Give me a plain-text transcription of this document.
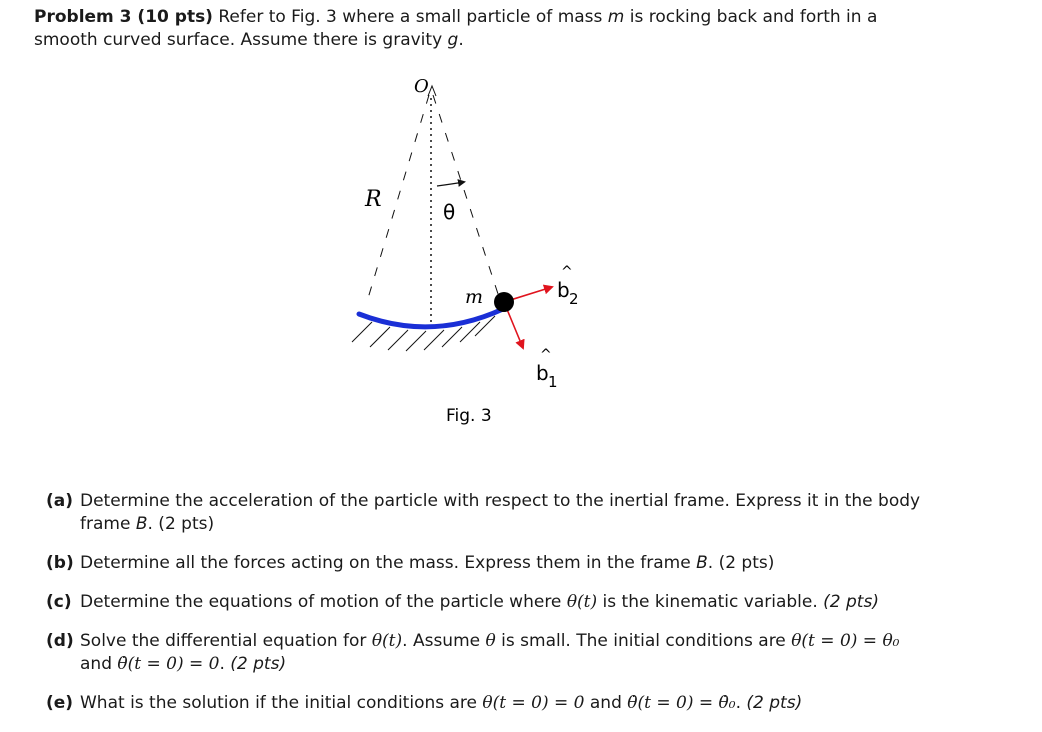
Problem 3 (10 pts) Refer to Fig. 3 where a small particle of mass m is rocking back and forth in a smooth curved surface. Assume there is gravity g.
O
R	θ
m
^
b 2
^
b 1
Fig. 3
(a) Determine the acceleration of the particle with respect to the inertial frame. Express it in the body frame B. (2 pts)
(b) Determine all the forces acting on the mass. Express them in the frame B. (2 pts)
(c) Determine the equations of motion of the particle where θ(t) is the kinematic variable. (2 pts)
(d) Solve the differential equation for θ(t). Assume θ is small. The initial conditions are θ(t = 0) = θ₀ and θ̇(t = 0) = 0. (2 pts)
(e) What is the solution if the initial conditions are θ(t = 0) = 0 and θ̇(t = 0) = θ̇₀. (2 pts)
